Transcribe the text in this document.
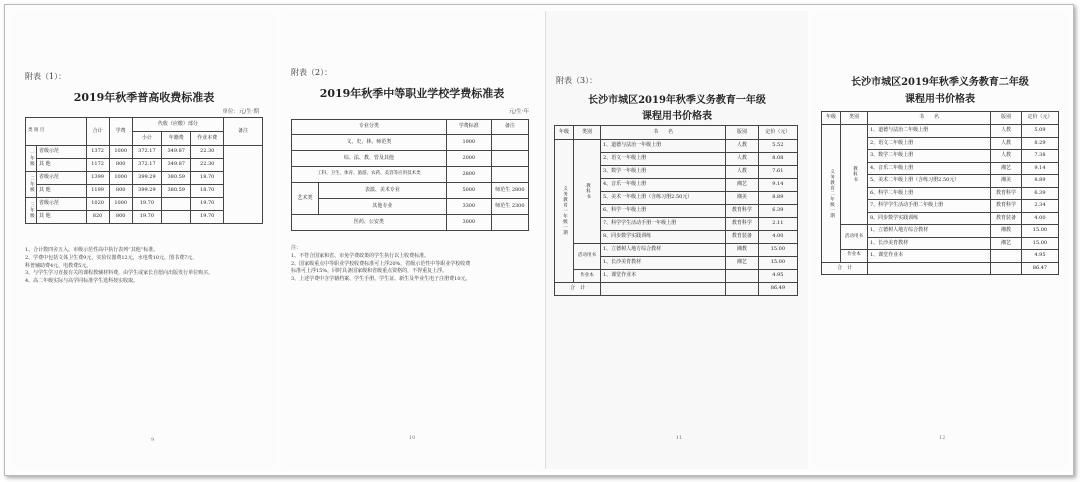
附表（1）：
2019年秋季普高收费标准表
单位：元/生·期
类 项 目		合计	学费	代收（应缴）部分			备注
				小计	年籍费	作业本费	
一年级	省级示范	1372	1000	372.17	349.87	22.30	
	其 他	1172	800	372.17	349.87	22.30	
二年级	省级示范	1399	1000	399.29	380.59	18.70	
	其 他	1199	800	399.29	380.59	18.70	
三年级	省级示范	1020	1000	19.70		19.70	
	其 他	820	800	19.70		19.70	
1、合计数四舍五入，市级示范性高中执行表列“其他”标准。
2、学费中包括文体卫生费9元，实验仪器费12元，水电费10元，图书费7元，
科普辅助费4元，电教费5元。
3、与学生学习直接有关的课程教辅材料费，由学生或家长自愿向出版发行单位购买。
4、高二年级实际与高学同标准学生选科按实收取。
9
附表（2）：
2019年秋季中等职业学校学费标准表
元/生·年
专业分类		学费标准	备注
文、史、林、师范类		1900	
综、法、教、管及其他		2000	
工科、卫生、体育、旅游、农药、美容等应用技术类		2800	
艺术类	表演、美术专业	5000	师范生 2800
	其他专业	3300	师范生 2300
医药、公安类		3000	
注：
1、不符合国家和省、市免学费政策的学生执行以上收费标准。
2、国家级重点中等职业学校收费标准可上浮20%，省级示范性中等职业学校收费
标准可上浮15%，同时具备国家级和省级重点资格的，不得重复上浮。
3、上述学费中含学籍档案、学生手册、学生证、新生及毕业生电子注册费10元。
10
附表（3）：
长沙市城区2019年秋季义务教育一年级
课程用书价格表
年级	类别	书　　名	版别	定价（元）
义务教育一年级一期	教科书	1、道德与法治一年级上册	人教	5.52
		2、语文一年级上册	人教	8.08
		3、数学一年级上册	人教	7.61
		4、音乐一年级上册	湘艺	9.14
		5、美术一年级上册（含练习册2.50元）	湘美	8.89
		6、科学一年级上册	教育科学	6.39
		7、科学学生活动手册一年级上册	教育科学	2.11
		8、同步数学实践训练	教育装备	4.00
	活动用书	1、立德树人地方综合教材	湘教	15.00
		1、长沙美育教材	湘艺	15.00
	作业本	1、课堂作业本		4.95
合　计				86.49
11
长沙市城区2019年秋季义务教育二年级
课程用书价格表
年级	类别	书　　名	版别	定价（元）
义务教育二年级一期	教科书	1、道德与法治二年级上册	人教	5.09
		2、语文二年级上册	人教	8.29
		3、数学二年级上册	人教	7.38
		4、音乐二年级上册	湘艺	9.14
		5、美术二年级上册（含练习册2.50元）	湘美	8.89
		6、科学二年级上册	教育科学	6.39
		7、科学学生活动手册二年级上册	教育科学	2.34
		8、同步数学实践训练	教育装备	4.00
	活动用书	1、立德树人地方综合教材	湘教	15.00
		1、长沙美育教材	湘艺	15.00
	作业本	1、课堂作业本		4.95
合　计				86.47
12
